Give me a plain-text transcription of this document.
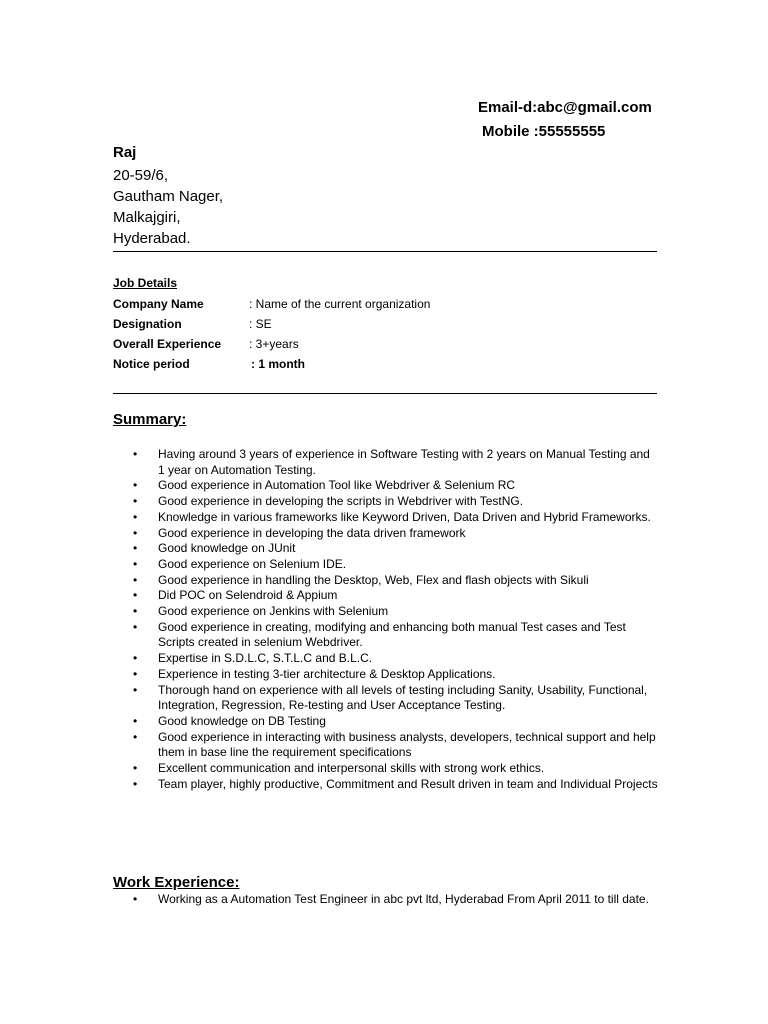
Email-d:abc@gmail.com
Mobile :55555555
Raj
20-59/6,
Gautham Nager,
Malkajgiri,
Hyderabad.
Job Details
Company Name	: Name of the current organization
Designation	: SE
Overall Experience : 3+years
Notice period	: 1 month
Summary:
• Having around 3 years of experience in Software Testing with 2 years on Manual Testing and 1 year on Automation Testing.
• Good experience in Automation Tool like Webdriver & Selenium RC
• Good experience in developing the scripts in Webdriver with TestNG.
• Knowledge in various frameworks like Keyword Driven, Data Driven and Hybrid Frameworks.
• Good experience in developing the data driven framework
• Good knowledge on JUnit
• Good experience on Selenium IDE.
• Good experience in handling the Desktop, Web, Flex and flash objects with Sikuli
• Did POC on Selendroid & Appium
• Good experience on Jenkins with Selenium
• Good experience in creating, modifying and enhancing both manual Test cases and Test Scripts created in selenium Webdriver.
• Expertise in S.D.L.C, S.T.L.C and B.L.C.
• Experience in testing 3-tier architecture & Desktop Applications.
• Thorough hand on experience with all levels of testing including Sanity, Usability, Functional, Integration, Regression, Re-testing and User Acceptance Testing.
• Good knowledge on DB Testing
• Good experience in interacting with business analysts, developers, technical support and help them in base line the requirement specifications
• Excellent communication and interpersonal skills with strong work ethics.
• Team player, highly productive, Commitment and Result driven in team and Individual Projects
Work Experience:
• Working as a Automation Test Engineer in abc pvt ltd, Hyderabad From April 2011 to till date.
